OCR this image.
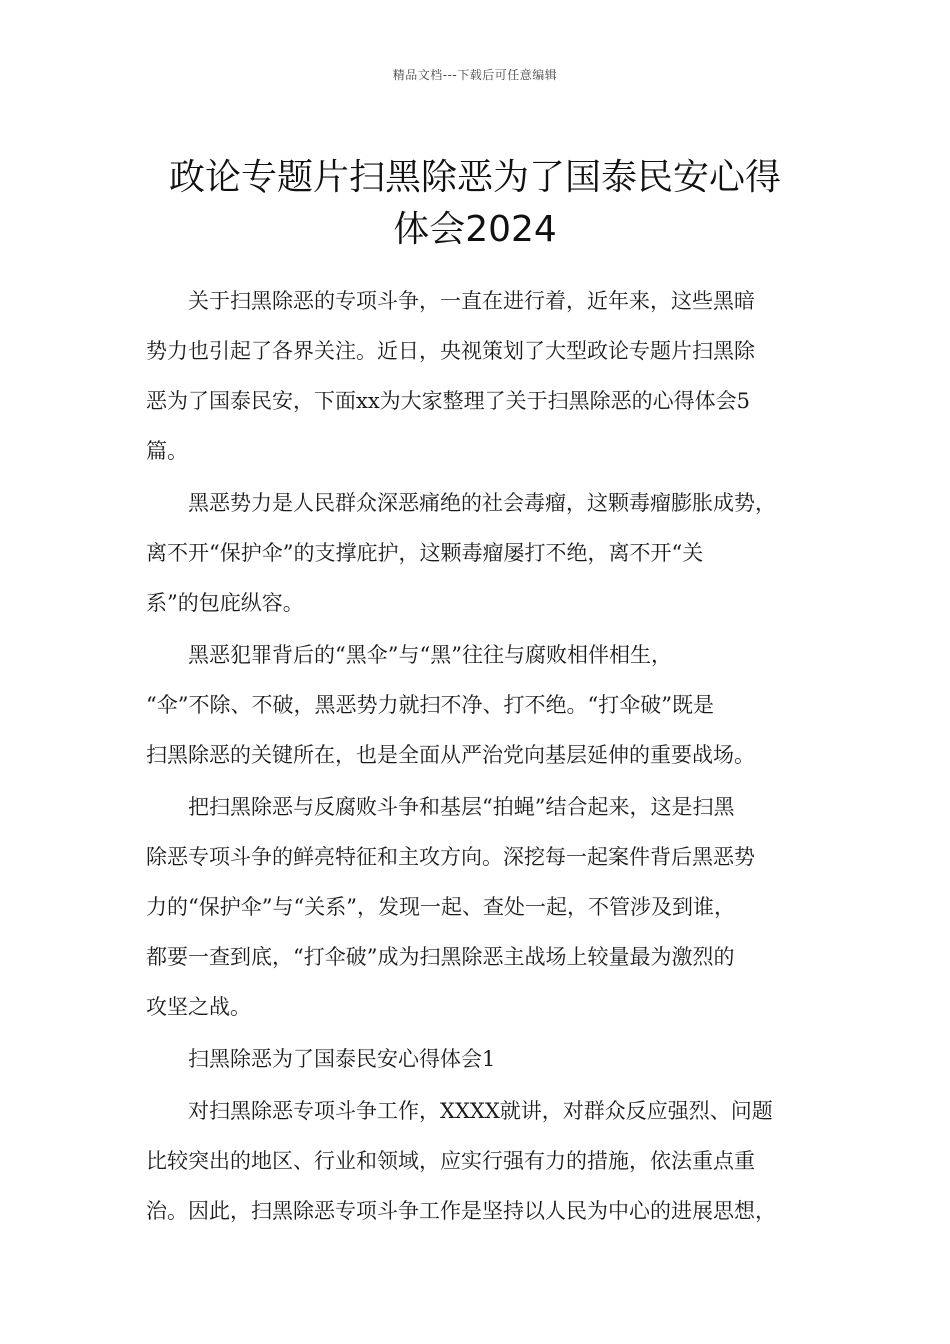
精品文档---下载后可任意编辑
政论专题片扫黑除恶为了国泰民安心得
体会2024

关于扫黑除恶的专项斗争，一直在进行着，近年来，这些黑暗
势力也引起了各界关注。近日，央视策划了大型政论专题片扫黑除
恶为了国泰民安，下面xx为大家整理了关于扫黑除恶的心得体会5
篇。

黑恶势力是人民群众深恶痛绝的社会毒瘤，这颗毒瘤膨胀成势，
离不开“保护伞”的支撑庇护，这颗毒瘤屡打不绝，离不开“关
系”的包庇纵容。

黑恶犯罪背后的“黑伞”与“黑”往往与腐败相伴相生，
“伞”不除、不破，黑恶势力就扫不净、打不绝。“打伞破”既是
扫黑除恶的关键所在，也是全面从严治党向基层延伸的重要战场。

把扫黑除恶与反腐败斗争和基层“拍蝇”结合起来，这是扫黑
除恶专项斗争的鲜亮特征和主攻方向。深挖每一起案件背后黑恶势
力的“保护伞”与“关系”，发现一起、查处一起，不管涉及到谁，
都要一查到底，“打伞破”成为扫黑除恶主战场上较量最为激烈的
攻坚之战。

扫黑除恶为了国泰民安心得体会1

对扫黑除恶专项斗争工作，XXXX就讲，对群众反应强烈、问题
比较突出的地区、行业和领域，应实行强有力的措施，依法重点重
治。因此，扫黑除恶专项斗争工作是坚持以人民为中心的进展思想，
